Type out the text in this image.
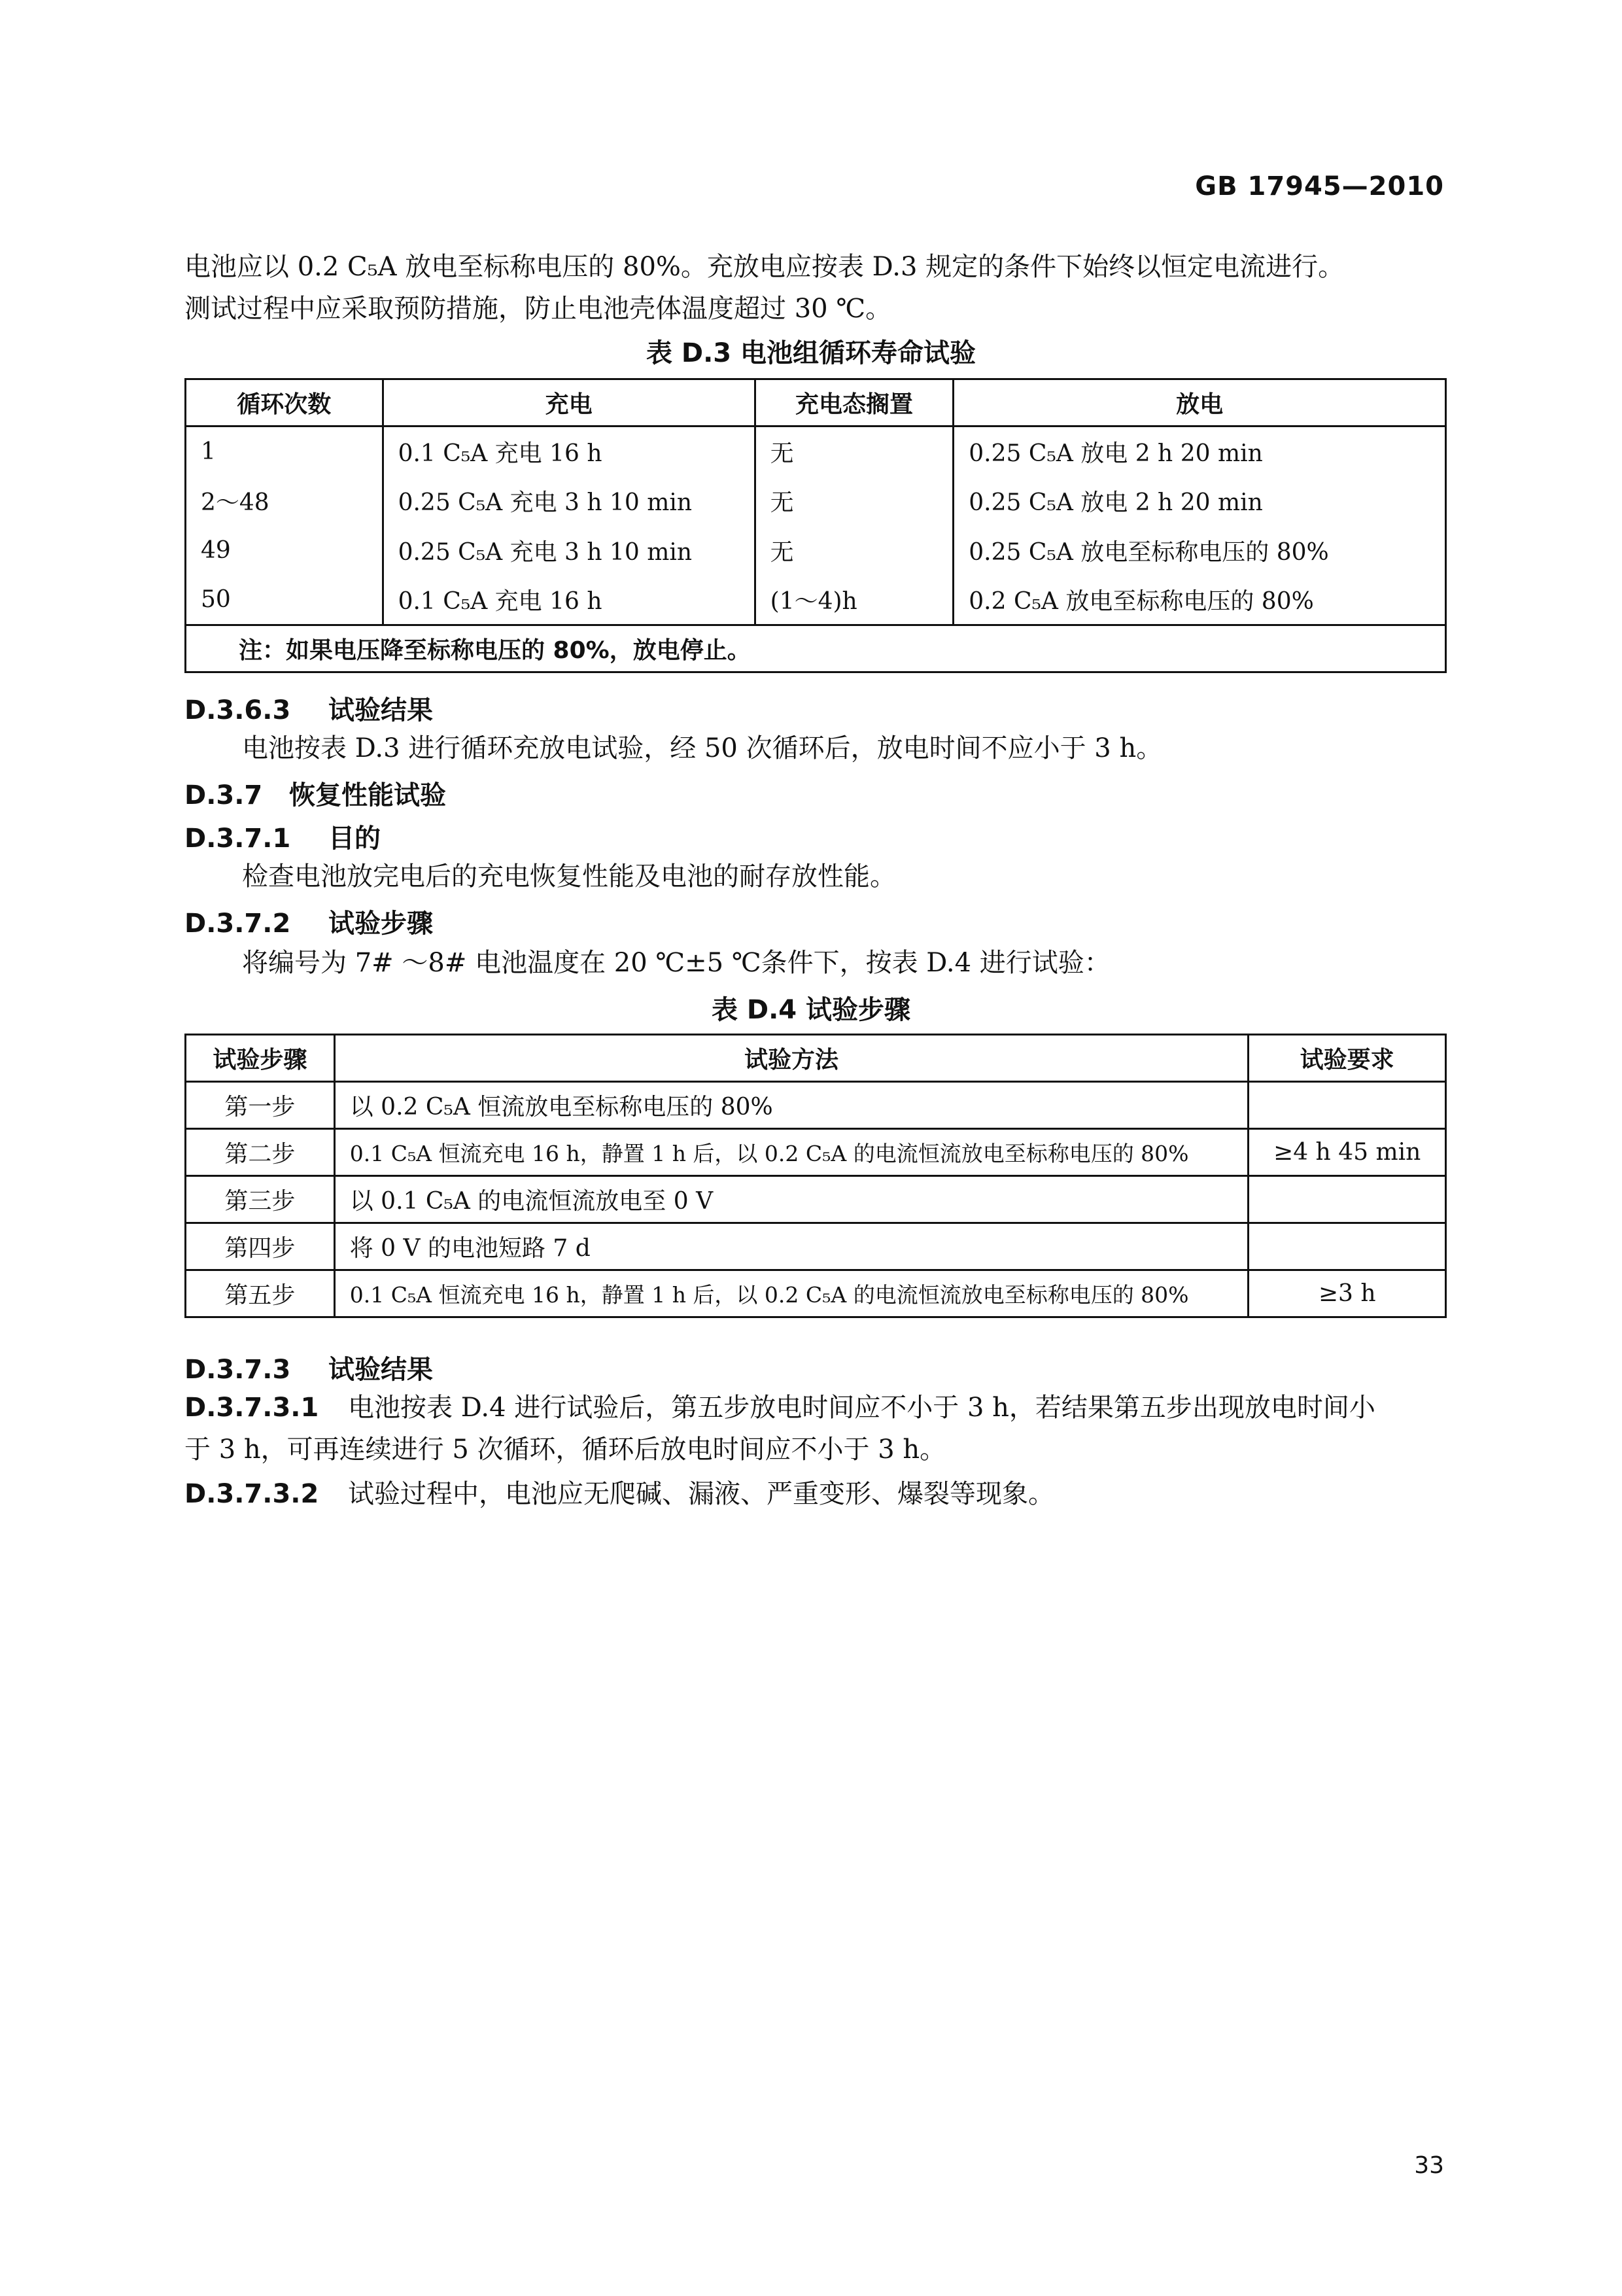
GB 17945—2010
电池应以 0.2 C₅A 放电至标称电压的 80%。充放电应按表 D.3 规定的条件下始终以恒定电流进行。
测试过程中应采取预防措施，防止电池壳体温度超过 30 ℃。
表 D.3 电池组循环寿命试验
循环次数	充电	充电态搁置	放电
1	0.1 C₅A 充电 16 h	无	0.25 C₅A 放电 2 h 20 min
2～48	0.25 C₅A 充电 3 h 10 min	无	0.25 C₅A 放电 2 h 20 min
49	0.25 C₅A 充电 3 h 10 min	无	0.25 C₅A 放电至标称电压的 80%
50	0.1 C₅A 充电 16 h	(1～4)h	0.2 C₅A 放电至标称电压的 80%
注：如果电压降至标称电压的 80%，放电停止。			
D.3.6.3 试验结果
电池按表 D.3 进行循环充放电试验，经 50 次循环后，放电时间不应小于 3 h。
D.3.7 恢复性能试验
D.3.7.1 目的
检查电池放完电后的充电恢复性能及电池的耐存放性能。
D.3.7.2 试验步骤
将编号为 7# ～8# 电池温度在 20 ℃±5 ℃条件下，按表 D.4 进行试验：
表 D.4 试验步骤
试验步骤	试验方法	试验要求
第一步	以 0.2 C₅A 恒流放电至标称电压的 80%	
第二步	0.1 C₅A 恒流充电 16 h，静置 1 h 后，以 0.2 C₅A 的电流恒流放电至标称电压的 80%	≥4 h 45 min
第三步	以 0.1 C₅A 的电流恒流放电至 0 V	
第四步	将 0 V 的电池短路 7 d	
第五步	0.1 C₅A 恒流充电 16 h，静置 1 h 后，以 0.2 C₅A 的电流恒流放电至标称电压的 80%	≥3 h
D.3.7.3 试验结果
D.3.7.3.1 电池按表 D.4 进行试验后，第五步放电时间应不小于 3 h，若结果第五步出现放电时间小
于 3 h，可再连续进行 5 次循环，循环后放电时间应不小于 3 h。
D.3.7.3.2 试验过程中，电池应无爬碱、漏液、严重变形、爆裂等现象。
33
